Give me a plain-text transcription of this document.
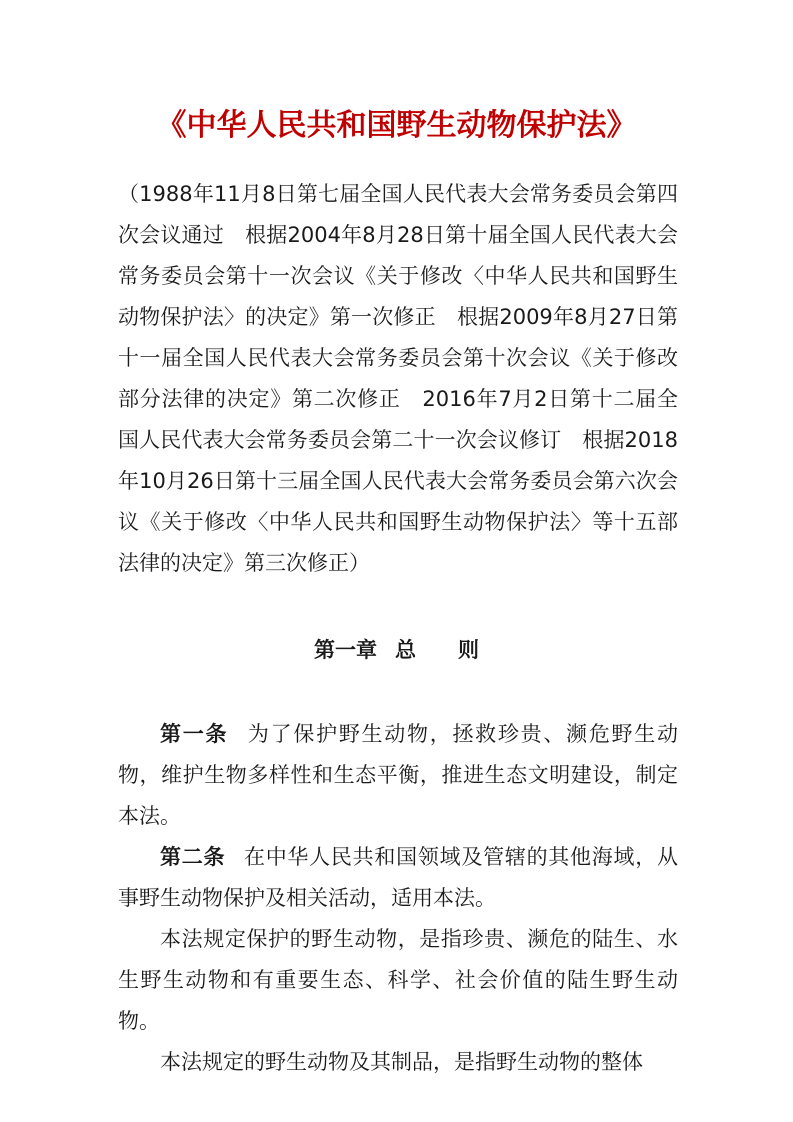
《中华人民共和国野生动物保护法》
（1988年11月8日第七届全国人民代表大会常务委员会第四次会议通过　根据2004年8月28日第十届全国人民代表大会常务委员会第十一次会议《关于修改〈中华人民共和国野生动物保护法〉的决定》第一次修正　根据2009年8月27日第十一届全国人民代表大会常务委员会第十次会议《关于修改部分法律的决定》第二次修正　2016年7月2日第十二届全国人民代表大会常务委员会第二十一次会议修订　根据2018年10月26日第十三届全国人民代表大会常务委员会第六次会议《关于修改〈中华人民共和国野生动物保护法〉等十五部法律的决定》第三次修正）
第一章 总 则

第一条 为了保护野生动物，拯救珍贵、濒危野生动物，维护生物多样性和生态平衡，推进生态文明建设，制定本法。

第二条 在中华人民共和国领域及管辖的其他海域，从事野生动物保护及相关活动，适用本法。

本法规定保护的野生动物，是指珍贵、濒危的陆生、水生野生动物和有重要生态、科学、社会价值的陆生野生动物。

本法规定的野生动物及其制品，是指野生动物的整体
